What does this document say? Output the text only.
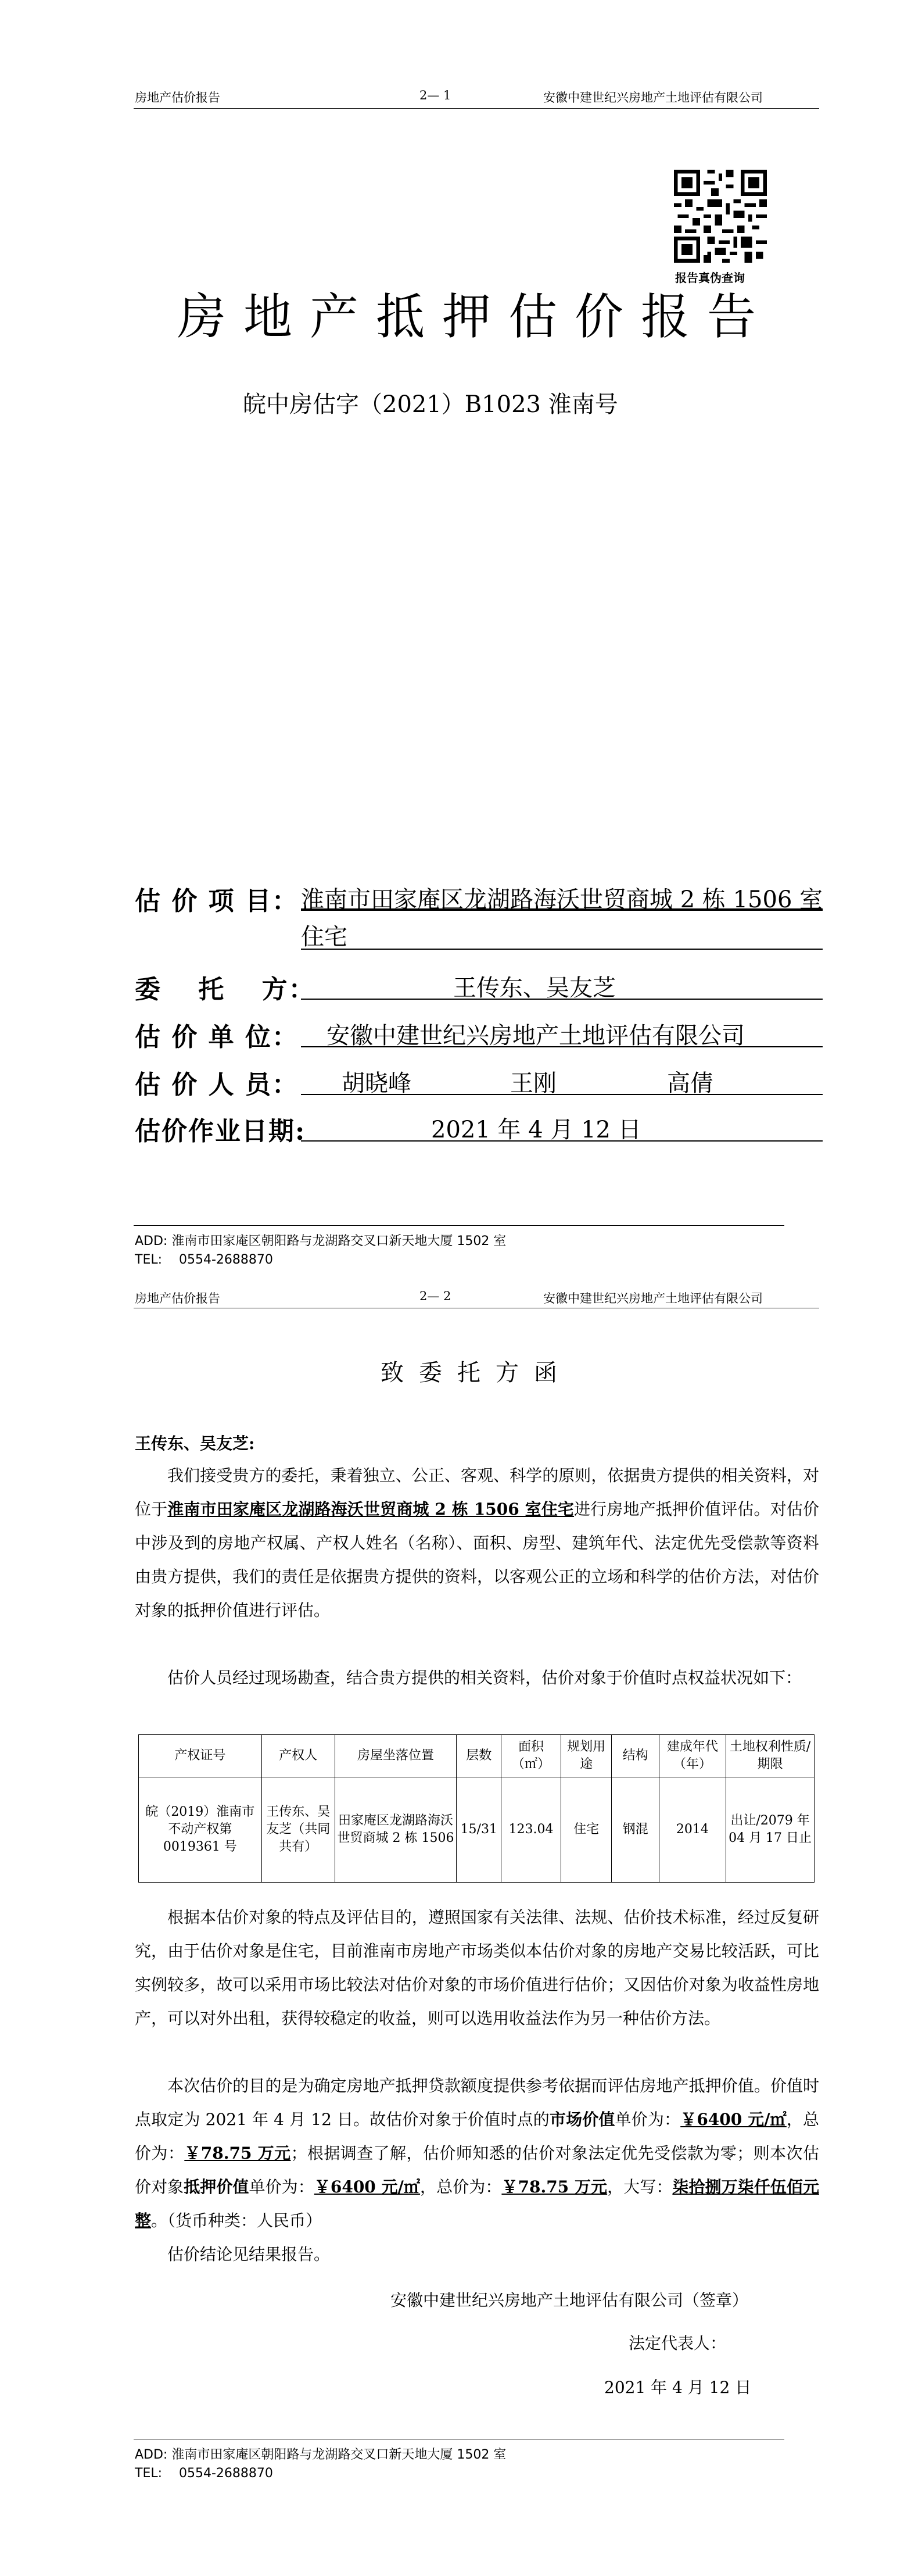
房地产估价报告	2— 1	安徽中建世纪兴房地产土地评估有限公司
报告真伪查询
房地产抵押估价报告
皖中房估字（2021）B1023 淮南号
估 价 项 目： 淮南市田家庵区龙湖路海沃世贸商城 2 栋 1506 室
住宅
委　 托　 方：	王传东、吴友芝
估 价 单 位： 安徽中建世纪兴房地产土地评估有限公司
估 价 人 员： 胡晓峰	王刚	高倩
估价作业日期:	2021 年 4 月 12 日
ADD: 淮南市田家庵区朝阳路与龙湖路交叉口新天地大厦 1502 室
TEL:　 0554-2688870
房地产估价报告	2— 2	安徽中建世纪兴房地产土地评估有限公司
致委托方函
王传东、吴友芝:
我们接受贵方的委托，秉着独立、公正、客观、科学的原则，依据贵方提供的相关资料，对位于淮南市田家庵区龙湖路海沃世贸商城 2 栋 1506 室住宅进行房地产抵押价值评估。对估价中涉及到的房地产权属、产权人姓名（名称）、面积、房型、建筑年代、法定优先受偿款等资料由贵方提供，我们的责任是依据贵方提供的资料，以客观公正的立场和科学的估价方法，对估价对象的抵押价值进行评估。
估价人员经过现场勘查，结合贵方提供的相关资料，估价对象于价值时点权益状况如下：
产权证号	产权人	房屋坐落位置	层数	面积（㎡）	规划用途	结构	建成年代（年）	土地权利性质/期限
皖（2019）淮南市不动产权第 0019361 号	王传东、吴友芝（共同共有）	田家庵区龙湖路海沃世贸商城 2 栋 1506	15/31	123.04	住宅	钢混	2014	出让/2079 年 04 月 17 日止
根据本估价对象的特点及评估目的，遵照国家有关法律、法规、估价技术标准，经过反复研究，由于估价对象是住宅，目前淮南市房地产市场类似本估价对象的房地产交易比较活跃，可比实例较多，故可以采用市场比较法对估价对象的市场价值进行估价；又因估价对象为收益性房地产，可以对外出租，获得较稳定的收益，则可以选用收益法作为另一种估价方法。
本次估价的目的是为确定房地产抵押贷款额度提供参考依据而评估房地产抵押价值。价值时点取定为 2021 年 4 月 12 日。故估价对象于价值时点的市场价值单价为：￥6400 元/㎡，总价为：￥78.75 万元；根据调查了解，估价师知悉的估价对象法定优先受偿款为零；则本次估价对象抵押价值单价为：￥6400 元/㎡，总价为：￥78.75 万元，大写：柒拾捌万柒仟伍佰元整。（货币种类：人民币）
估价结论见结果报告。
安徽中建世纪兴房地产土地评估有限公司（签章）
法定代表人：
2021 年 4 月 12 日
ADD: 淮南市田家庵区朝阳路与龙湖路交叉口新天地大厦 1502 室
TEL:　 0554-2688870
